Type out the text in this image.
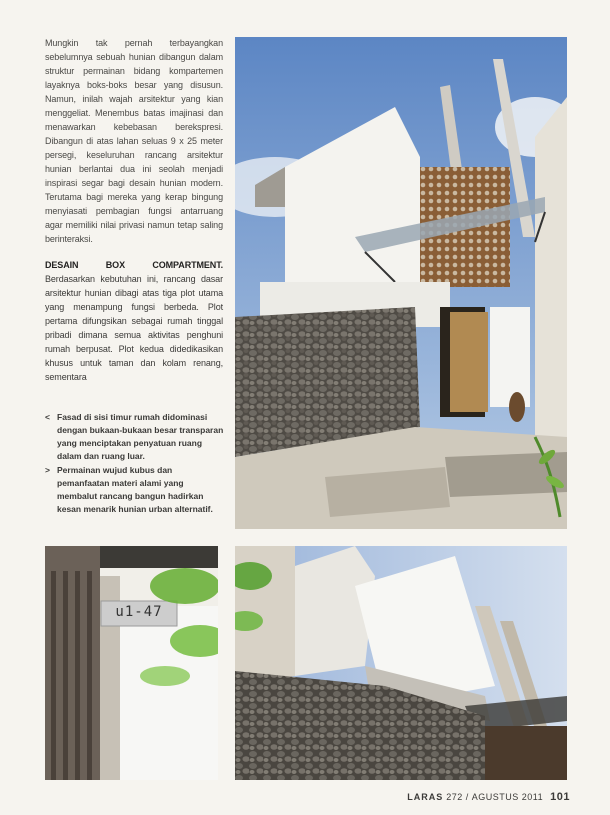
Mungkin tak pernah terbayangkan sebelumnya sebuah hunian dibangun dalam struktur permainan bidang kompartemen layaknya boks-boks besar yang disusun. Namun, inilah wajah arsitektur yang kian menggeliat. Menembus batas imajinasi dan menawarkan kebebasan berekspresi. Dibangun di atas lahan seluas 9 x 25 meter persegi, keseluruhan rancang arsitektur hunian berlantai dua ini seolah menjadi inspirasi segar bagi desain hunian modern. Terutama bagi mereka yang kerap bingung menyiasati pembagian fungsi antarruang agar memiliki nilai privasi namun tetap saling berinteraksi.

DESAIN BOX COMPARTMENT. Berdasarkan kebutuhan ini, rancang dasar arsitektur hunian dibagi atas tiga plot utama yang menampung fungsi berbeda. Plot pertama difungsikan sebagai rumah tinggal pribadi dimana semua aktivitas penghuni rumah berpusat. Plot kedua didedikasikan khusus untuk taman dan kolam renang, sementara

< Fasad di sisi timur rumah didominasi dengan bukaan-bukaan besar transparan yang menciptakan penyatuan ruang dalam dan ruang luar.
> Permainan wujud kubus dan pemanfaatan materi alami yang membalut rancang bangun hadirkan kesan menarik hunian urban alternatif.
u1-47
LARAS 272 / AGUSTUS 2011 101
